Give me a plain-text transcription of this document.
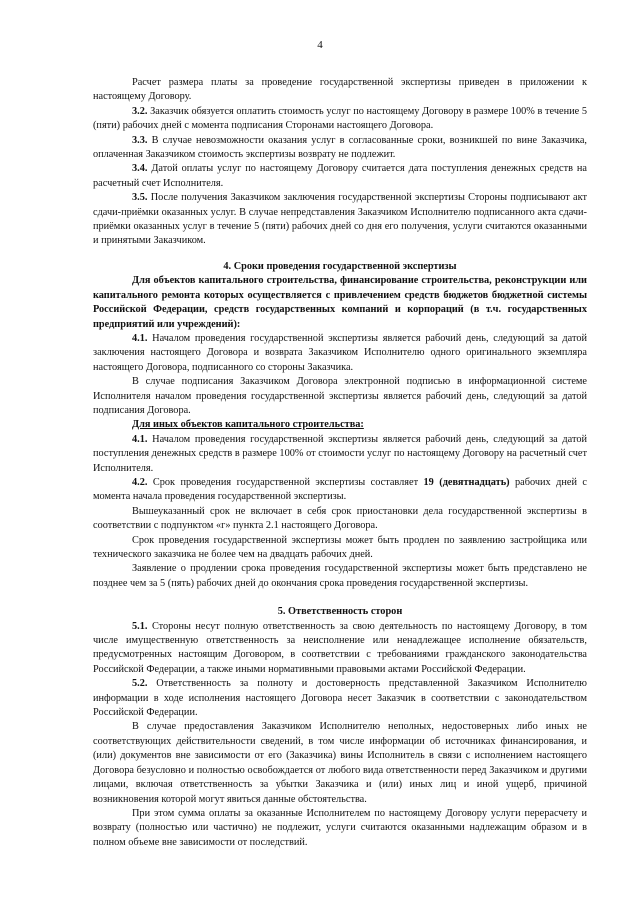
4

Расчет размера платы за проведение государственной экспертизы приведен в приложении к настоящему Договору.

3.2. Заказчик обязуется оплатить стоимость услуг по настоящему Договору в размере 100% в течение 5 (пяти) рабочих дней с момента подписания Сторонами настоящего Договора.

3.3. В случае невозможности оказания услуг в согласованные сроки, возникшей по вине Заказчика, оплаченная Заказчиком стоимость экспертизы возврату не подлежит.

3.4. Датой оплаты услуг по настоящему Договору считается дата поступления денежных средств на расчетный счет Исполнителя.

3.5. После получения Заказчиком заключения государственной экспертизы Стороны подписывают акт сдачи-приёмки оказанных услуг. В случае непредставления Заказчиком Исполнителю подписанного акта сдачи-приёмки оказанных услуг в течение 5 (пяти) рабочих дней со дня его получения, услуги считаются оказанными и принятыми Заказчиком.

4. Сроки проведения государственной экспертизы

Для объектов капитального строительства, финансирование строительства, реконструкции или капитального ремонта которых осуществляется с привлечением средств бюджетов бюджетной системы Российской Федерации, средств государственных компаний и корпораций (в т.ч. государственных предприятий или учреждений):

4.1. Началом проведения государственной экспертизы является рабочий день, следующий за датой заключения настоящего Договора и возврата Заказчиком Исполнителю одного оригинального экземпляра настоящего Договора, подписанного со стороны Заказчика.

В случае подписания Заказчиком Договора электронной подписью в информационной системе Исполнителя началом проведения государственной экспертизы является рабочий день, следующий за датой подписания Договора.

Для иных объектов капитального строительства:

4.1. Началом проведения государственной экспертизы является рабочий день, следующий за датой поступления денежных средств в размере 100% от стоимости услуг по настоящему Договору на расчетный счет Исполнителя.

4.2. Срок проведения государственной экспертизы составляет 19 (девятнадцать) рабочих дней с момента начала проведения государственной экспертизы.

Вышеуказанный срок не включает в себя срок приостановки дела государственной экспертизы в соответствии с подпунктом «г» пункта 2.1 настоящего Договора.

Срок проведения государственной экспертизы может быть продлен по заявлению застройщика или технического заказчика не более чем на двадцать рабочих дней.

Заявление о продлении срока проведения государственной экспертизы может быть представлено не позднее чем за 5 (пять) рабочих дней до окончания срока проведения государственной экспертизы.

5. Ответственность сторон

5.1. Стороны несут полную ответственность за свою деятельность по настоящему Договору, в том числе имущественную ответственность за неисполнение или ненадлежащее исполнение обязательств, предусмотренных настоящим Договором, в соответствии с требованиями гражданского законодательства Российской Федерации, а также иными нормативными правовыми актами Российской Федерации.

5.2. Ответственность за полноту и достоверность представленной Заказчиком Исполнителю информации в ходе исполнения настоящего Договора несет Заказчик в соответствии с законодательством Российской Федерации.

В случае предоставления Заказчиком Исполнителю неполных, недостоверных либо иных не соответствующих действительности сведений, в том числе информации об источниках финансирования, и (или) документов вне зависимости от его (Заказчика) вины Исполнитель в связи с исполнением настоящего Договора безусловно и полностью освобождается от любого вида ответственности перед Заказчиком и другими лицами, включая ответственность за убытки Заказчика и (или) иных лиц и иной ущерб, причиной возникновения которой могут явиться данные обстоятельства.

При этом сумма оплаты за оказанные Исполнителем по настоящему Договору услуги перерасчету и возврату (полностью или частично) не подлежит, услуги считаются оказанными надлежащим образом и в полном объеме вне зависимости от последствий.
